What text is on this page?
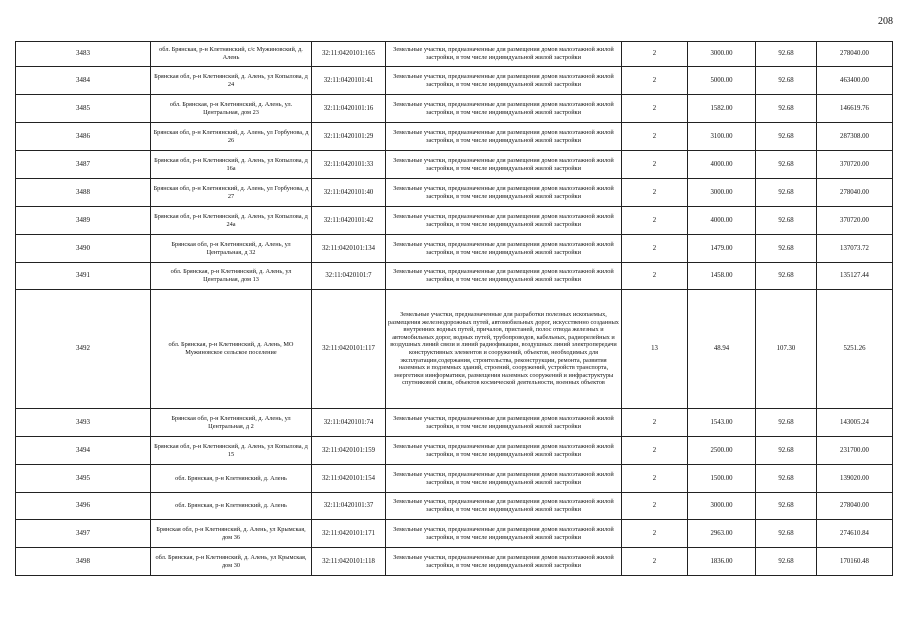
208
3483	обл. Брянская, р-н Клетнянский, с/с Мужиновский, д. Алень	32:11:0420101:165	Земельные участки, предназначенные для размещения домов малоэтажной жилой застройки, в том числе индивидуальной жилой застройки	2	3000.00	92.68	278040.00
3484	Брянская обл, р-н Клетнянский, д. Алень, ул Копылова, д 24	32:11:0420101:41	Земельные участки, предназначенные для размещения домов малоэтажной жилой застройки, в том числе индивидуальной жилой застройки	2	5000.00	92.68	463400.00
3485	обл. Брянская, р-н Клетнянский, д. Алень, ул. Центральная, дом 23	32:11:0420101:16	Земельные участки, предназначенные для размещения домов малоэтажной жилой застройки, в том числе индивидуальной жилой застройки	2	1582.00	92.68	146619.76
3486	Брянская обл, р-н Клетнянский, д. Алень, ул Горбунова, д 26	32:11:0420101:29	Земельные участки, предназначенные для размещения домов малоэтажной жилой застройки, в том числе индивидуальной жилой застройки	2	3100.00	92.68	287308.00
3487	Брянская обл, р-н Клетнянский, д. Алень, ул Копылова, д 16а	32:11:0420101:33	Земельные участки, предназначенные для размещения домов малоэтажной жилой застройки, в том числе индивидуальной жилой застройки	2	4000.00	92.68	370720.00
3488	Брянская обл, р-н Клетнянский, д. Алень, ул Горбунова, д 27	32:11:0420101:40	Земельные участки, предназначенные для размещения домов малоэтажной жилой застройки, в том числе индивидуальной жилой застройки	2	3000.00	92.68	278040.00
3489	Брянская обл, р-н Клетнянский, д. Алень, ул Копылова, д 24а	32:11:0420101:42	Земельные участки, предназначенные для размещения домов малоэтажной жилой застройки, в том числе индивидуальной жилой застройки	2	4000.00	92.68	370720.00
3490	Брянская обл, р-н Клетнянский, д. Алень, ул Центральная, д 32	32:11:0420101:134	Земельные участки, предназначенные для размещения домов малоэтажной жилой застройки, в том числе индивидуальной жилой застройки	2	1479.00	92.68	137073.72
3491	обл. Брянская, р-н Клетнянский, д. Алень, ул Центральная, дом 13	32:11:0420101:7	Земельные участки, предназначенные для размещения домов малоэтажной жилой застройки, в том числе индивидуальной жилой застройки	2	1458.00	92.68	135127.44
3492	обл. Брянская, р-н Клетнянский, д. Алень, МО Мужиновское сельское поселение	32:11:0420101:117	Земельные участки, предназначенные для разработки полезных ископаемых, размещения железнодорожных путей, автомобильных дорог, искусственно созданных внутренних водных путей, причалов, пристаней, полос отвода железных и автомобильных дорог, водных путей, трубопроводов, кабельных, радиорелейных и воздушных линий связи и линий радиофикации, воздушных линий электропередачи конструктивных элементов и сооружений, объектов, необходимых для эксплуатации,содержания, строительства, реконструкции, ремонта, развития наземных и подземных зданий, строений, сооружений, устройств транспорта, энергетики иинформатики, размещения наземных сооружений и инфраструктуры спутниковой связи, объектов космической деятельности, военных объектов	13	48.94	107.30	5251.26
3493	Брянская обл, р-н Клетнянский, д. Алень, ул Центральная, д 2	32:11:0420101:74	Земельные участки, предназначенные для размещения домов малоэтажной жилой застройки, в том числе индивидуальной жилой застройки	2	1543.00	92.68	143005.24
3494	Брянская обл, р-н Клетнянский, д. Алень, ул Копылова, д 15	32:11:0420101:159	Земельные участки, предназначенные для размещения домов малоэтажной жилой застройки, в том числе индивидуальной жилой застройки	2	2500.00	92.68	231700.00
3495	обл. Брянская, р-н Клетнянский, д. Алень	32:11:0420101:154	Земельные участки, предназначенные для размещения домов малоэтажной жилой застройки, в том числе индивидуальной жилой застройки	2	1500.00	92.68	139020.00
3496	обл. Брянская, р-н Клетнянский, д. Алень	32:11:0420101:37	Земельные участки, предназначенные для размещения домов малоэтажной жилой застройки, в том числе индивидуальной жилой застройки	2	3000.00	92.68	278040.00
3497	Брянская обл, р-н Клетнянский, д. Алень, ул Крымская, дом 36	32:11:0420101:171	Земельные участки, предназначенные для размещения домов малоэтажной жилой застройки, в том числе индивидуальной жилой застройки	2	2963.00	92.68	274610.84
3498	обл. Брянская, р-н Клетнянский, д. Алень, ул Крымская, дом 30	32:11:0420101:118	Земельные участки, предназначенные для размещения домов малоэтажной жилой застройки, в том числе индивидуальной жилой застройки	2	1836.00	92.68	170160.48
